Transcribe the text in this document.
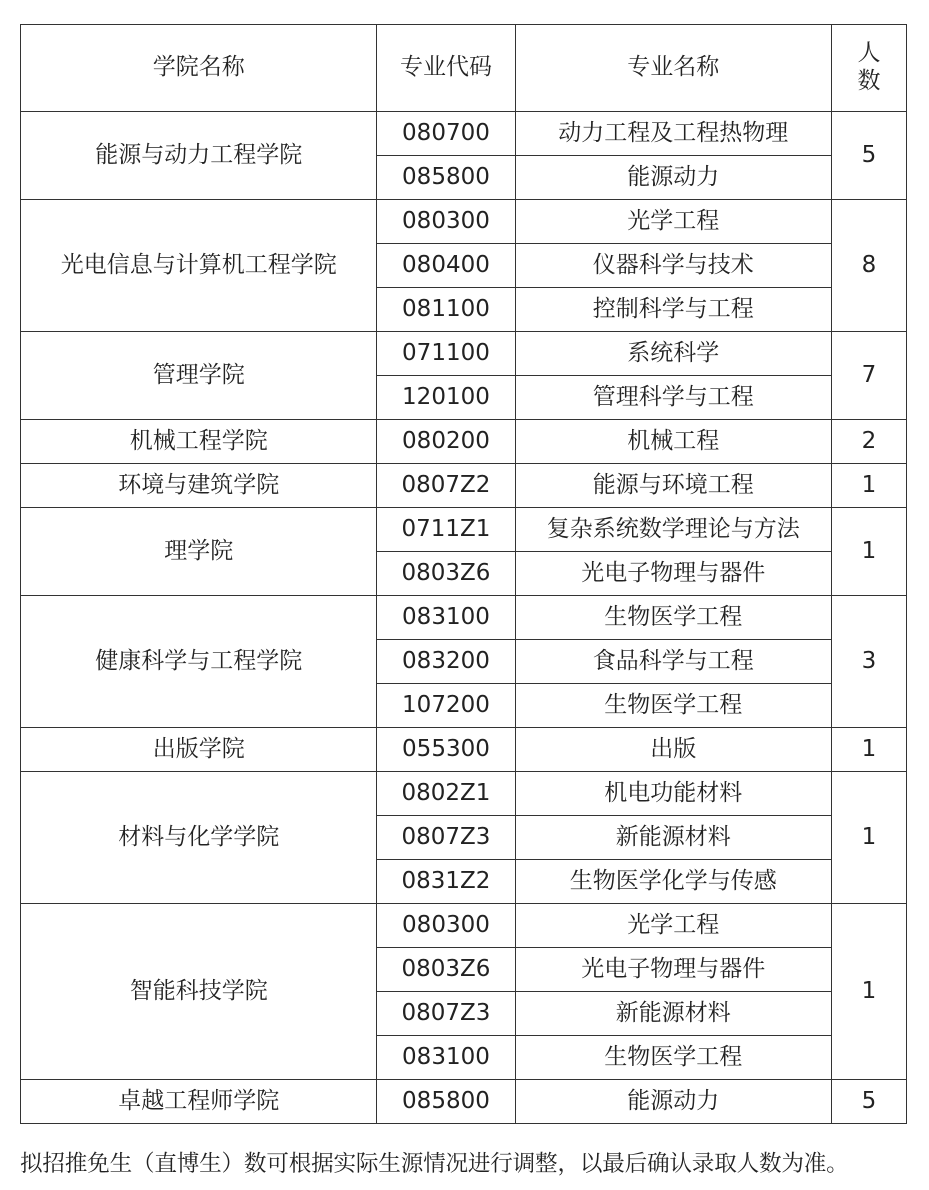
学院名称	专业代码	专业名称	人
数

能源与动力工程学院	080700	动力工程及工程热物理	5
	085800	能源动力	
光电信息与计算机工程学院	080300	光学工程	8
	080400	仪器科学与技术	
	081100	控制科学与工程	
管理学院	071100	系统科学	7
	120100	管理科学与工程	
机械工程学院	080200	机械工程	2
环境与建筑学院	0807Z2	能源与环境工程	1
理学院	0711Z1	复杂系统数学理论与方法	1
	0803Z6	光电子物理与器件	
健康科学与工程学院	083100	生物医学工程	3
	083200	食品科学与工程	
	107200	生物医学工程	
出版学院	055300	出版	1
材料与化学学院	0802Z1	机电功能材料	1
	0807Z3	新能源材料	
	0831Z2	生物医学化学与传感	
智能科技学院	080300	光学工程	1
	0803Z6	光电子物理与器件	
	0807Z3	新能源材料	
	083100	生物医学工程	
卓越工程师学院	085800	能源动力	5
拟招推免生（直博生）数可根据实际生源情况进行调整，以最后确认录取人数为准。
